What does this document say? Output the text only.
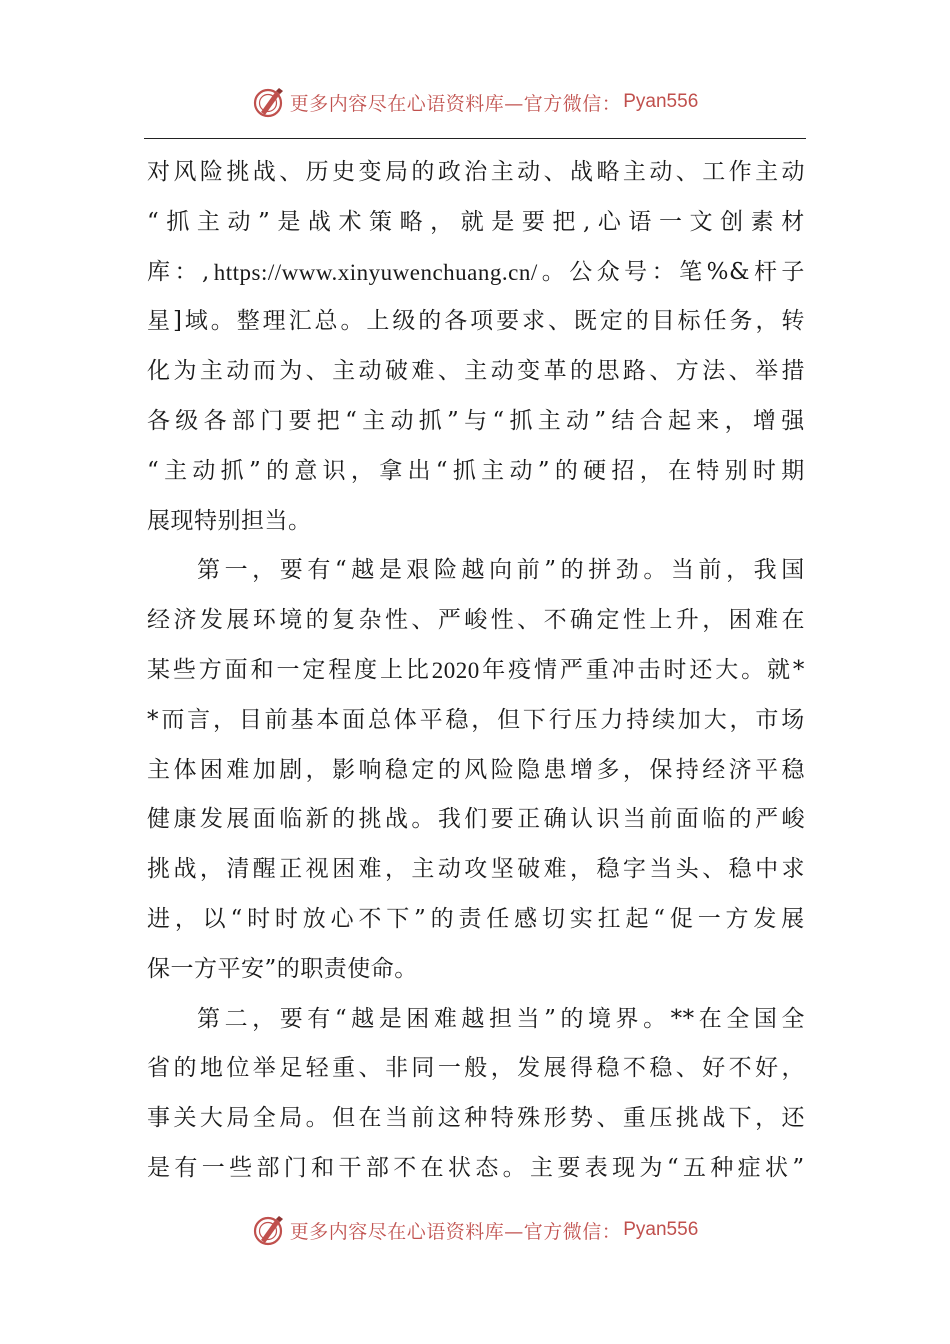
更多内容尽在心语资料库—官方微信： Pyan556
对 风 险 挑 战 、 历 史 变 局 的 政 治 主 动 、 战 略 主 动 、 工 作 主 动
“ 抓 主 动 ” 是 战 术 策 略 ， 就 是 要 把 , 心 语 一 文 创 素 材
库 ： , https://www.xinyuwenchuang.cn/ 。 公 众 号 ： 笔 %& 杆 子
星 ] 域 。 整 理 汇 总 。 上 级 的 各 项 要 求 、 既 定 的 目 标 任 务 ， 转
化 为 主 动 而 为 、 主 动 破 难 、 主 动 变 革 的 思 路 、 方 法 、 举 措
各 级 各 部 门 要 把 “ 主 动 抓 ” 与 “ 抓 主 动 ” 结 合 起 来 ， 增 强
“ 主 动 抓 ” 的 意 识 ， 拿 出 “ 抓 主 动 ” 的 硬 招 ， 在 特 别 时 期
展现特别担当。
第 一 ， 要 有 “ 越 是 艰 险 越 向 前 ” 的 拼 劲 。 当 前 ， 我 国
经 济 发 展 环 境 的 复 杂 性 、 严 峻 性 、 不 确 定 性 上 升 ， 困 难 在
某 些 方 面 和 一 定 程 度 上 比 2020 年 疫 情 严 重 冲 击 时 还 大 。 就 *
* 而 言 ， 目 前 基 本 面 总 体 平 稳 ， 但 下 行 压 力 持 续 加 大 ， 市 场
主 体 困 难 加 剧 ， 影 响 稳 定 的 风 险 隐 患 增 多 ， 保 持 经 济 平 稳
健 康 发 展 面 临 新 的 挑 战 。 我 们 要 正 确 认 识 当 前 面 临 的 严 峻
挑 战 ， 清 醒 正 视 困 难 ， 主 动 攻 坚 破 难 ， 稳 字 当 头 、 稳 中 求
进 ， 以 “ 时 时 放 心 不 下 ” 的 责 任 感 切 实 扛 起 “ 促 一 方 发 展
保一方平安”的职责使命。
第 二 ， 要 有 “ 越 是 困 难 越 担 当 ” 的 境 界 。 ** 在 全 国 全
省 的 地 位 举 足 轻 重 、 非 同 一 般 ， 发 展 得 稳 不 稳 、 好 不 好 ，
事 关 大 局 全 局 。 但 在 当 前 这 种 特 殊 形 势 、 重 压 挑 战 下 ， 还
是 有 一 些 部 门 和 干 部 不 在 状 态 。 主 要 表 现 为 “ 五 种 症 状 ”
更多内容尽在心语资料库—官方微信： Pyan556
